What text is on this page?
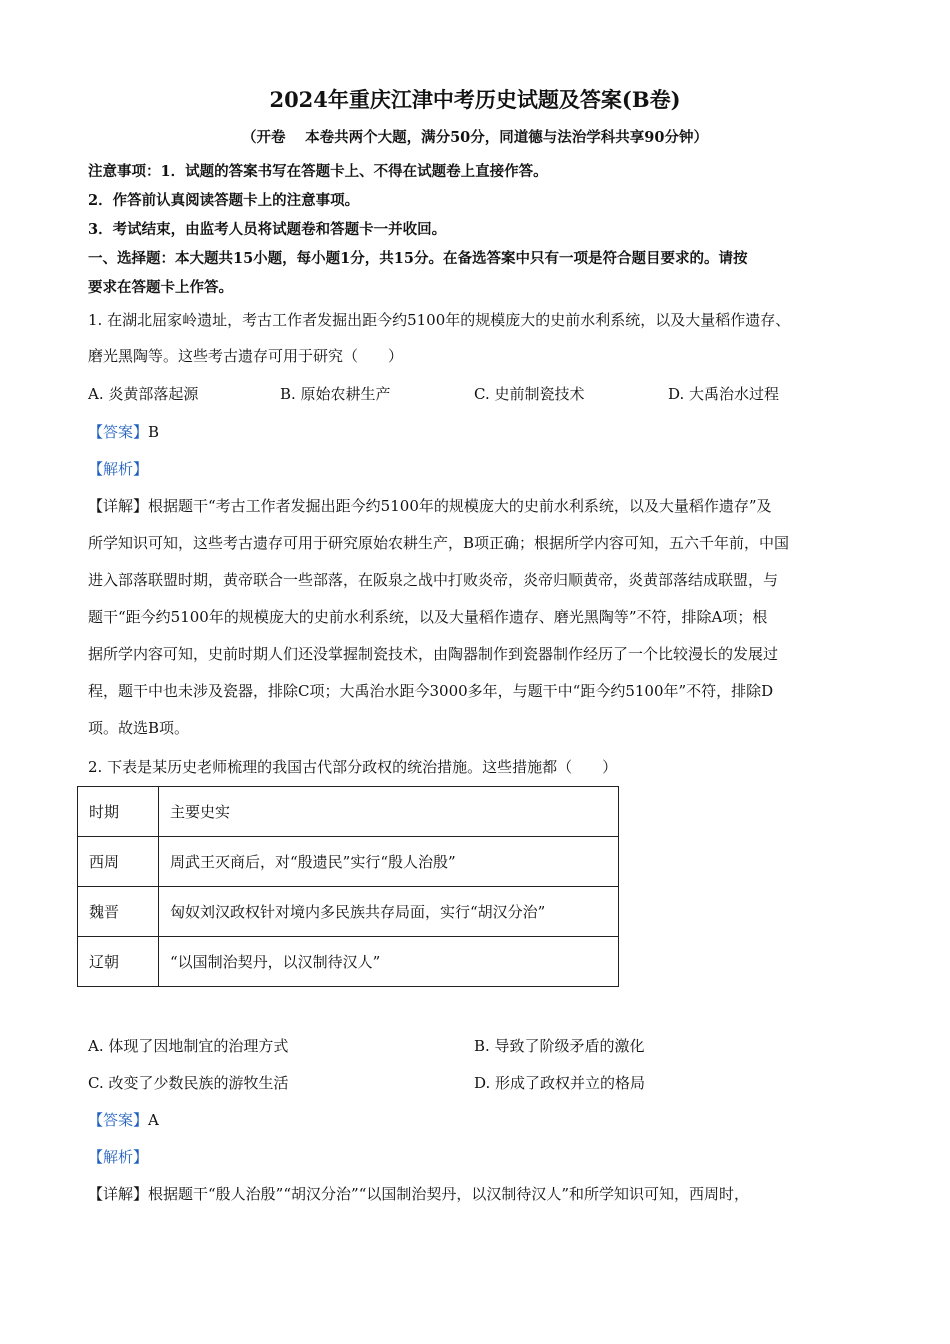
2024年重庆江津中考历史试题及答案(B卷)
（开卷　 本卷共两个大题，满分50分，同道德与法治学科共享90分钟）
注意事项：1．试题的答案书写在答题卡上、不得在试题卷上直接作答。
2．作答前认真阅读答题卡上的注意事项。
3．考试结束，由监考人员将试题卷和答题卡一并收回。
一、选择题：本大题共15小题，每小题1分，共15分。在备选答案中只有一项是符合题目要求的。请按
要求在答题卡上作答。
1. 在湖北屈家岭遗址，考古工作者发掘出距今约5100年的规模庞大的史前水利系统，以及大量稻作遗存、
磨光黑陶等。这些考古遗存可用于研究（　　）
A. 炎黄部落起源	B. 原始农耕生产	C. 史前制瓷技术	D. 大禹治水过程
【答案】B
【解析】
【详解】根据题干“考古工作者发掘出距今约5100年的规模庞大的史前水利系统，以及大量稻作遗存”及
所学知识可知，这些考古遗存可用于研究原始农耕生产，B项正确；根据所学内容可知，五六千年前，中国
进入部落联盟时期，黄帝联合一些部落，在阪泉之战中打败炎帝，炎帝归顺黄帝，炎黄部落结成联盟，与
题干“距今约5100年的规模庞大的史前水利系统，以及大量稻作遗存、磨光黑陶等”不符，排除A项；根
据所学内容可知，史前时期人们还没掌握制瓷技术，由陶器制作到瓷器制作经历了一个比较漫长的发展过
程，题干中也未涉及瓷器，排除C项；大禹治水距今3000多年，与题干中“距今约5100年”不符，排除D
项。故选B项。
2. 下表是某历史老师梳理的我国古代部分政权的统治措施。这些措施都（　　）
时期	主要史实
西周	周武王灭商后，对“殷遗民”实行“殷人治殷”
魏晋	匈奴刘汉政权针对境内多民族共存局面，实行“胡汉分治”
辽朝	“以国制治契丹，以汉制待汉人”
A. 体现了因地制宜的治理方式	B. 导致了阶级矛盾的激化
C. 改变了少数民族的游牧生活	D. 形成了政权并立的格局
【答案】A
【解析】
【详解】根据题干“殷人治殷”“胡汉分治”“以国制治契丹，以汉制待汉人”和所学知识可知，西周时，
